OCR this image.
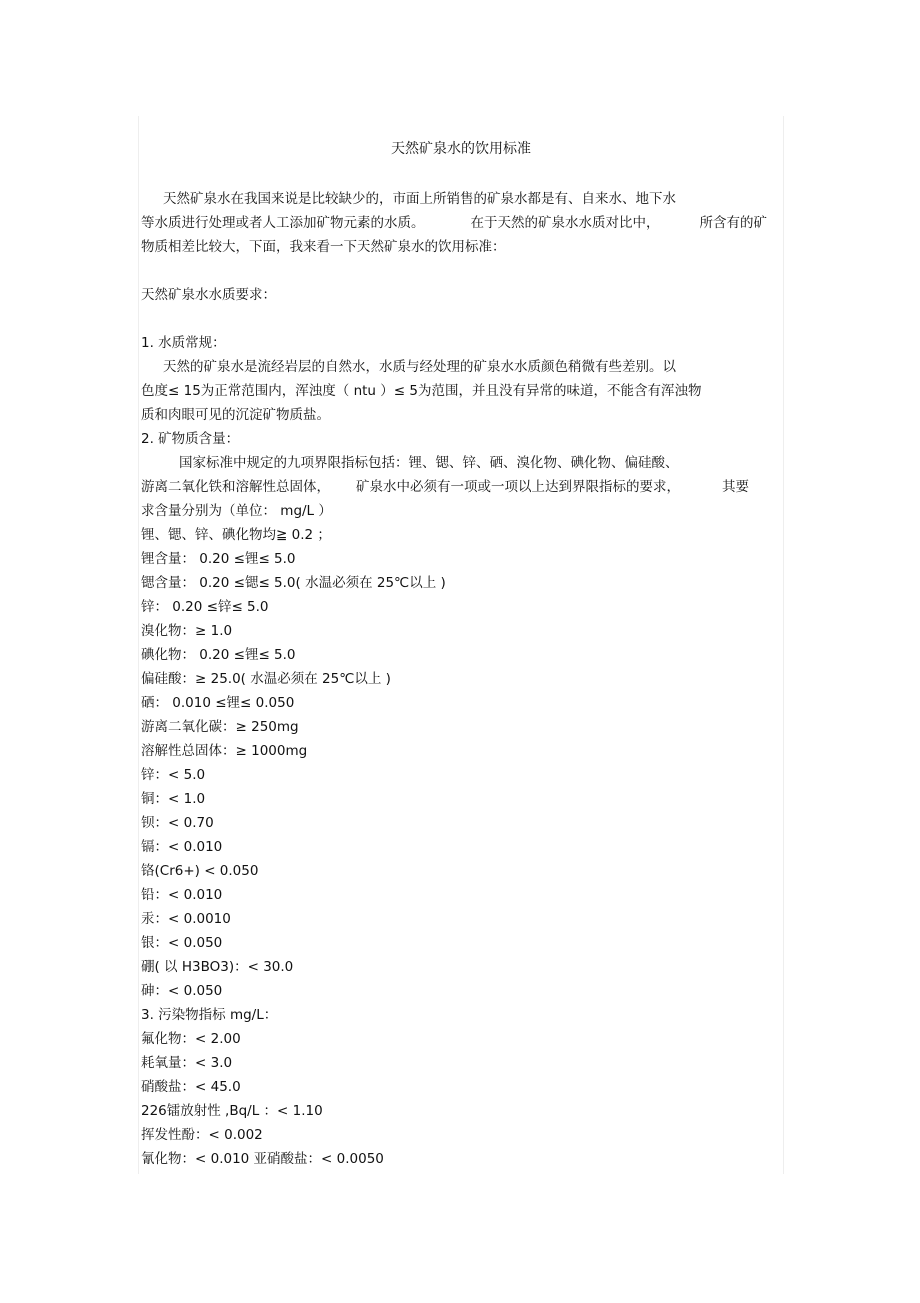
天然矿泉水的饮用标准
天然矿泉水在我国来说是比较缺少的，市面上所销售的矿泉水都是有、自来水、地下水
等水质进行处理或者人工添加矿物元素的水质。	在于天然的矿泉水水质对比中，	所含有的矿
物质相差比较大，下面，我来看一下天然矿泉水的饮用标准：
天然矿泉水水质要求：
1. 水质常规：
天然的矿泉水是流经岩层的自然水，水质与经处理的矿泉水水质颜色稍微有些差别。以
色度≤ 15为正常范围内，浑浊度（ ntu ）≤ 5为范围，并且没有异常的味道，不能含有浑浊物
质和肉眼可见的沉淀矿物质盐。
2. 矿物质含量：
国家标准中规定的九项界限指标包括：锂、锶、锌、硒、溴化物、碘化物、偏硅酸、
游离二氧化铁和溶解性总固体， 矿泉水中必须有一项或一项以上达到界限指标的要求，	其要
求含量分别为（单位： mg/L ）
锂、锶、锌、碘化物均≧ 0.2 ；
锂含量： 0.20 ≤锂≤ 5.0
锶含量： 0.20 ≤锶≤ 5.0( 水温必须在 25℃以上 )
锌： 0.20 ≤锌≤ 5.0
溴化物：≥ 1.0
碘化物： 0.20 ≤锂≤ 5.0
偏硅酸：≥ 25.0( 水温必须在 25℃以上 )
硒： 0.010 ≤锂≤ 0.050
游离二氧化碳：≥ 250mg
溶解性总固体：≥ 1000mg
锌：< 5.0
铜：< 1.0
钡：< 0.70
镉：< 0.010
铬(Cr6+) < 0.050
铅：< 0.010
汞：< 0.0010
银：< 0.050
硼( 以 H3BO3)：< 30.0
砷：< 0.050
3. 污染物指标 mg/L：
氟化物：< 2.00
耗氧量：< 3.0
硝酸盐：< 45.0
226镭放射性 ,Bq/L ：< 1.10
挥发性酚：< 0.002
氰化物：< 0.010 亚硝酸盐：< 0.0050
